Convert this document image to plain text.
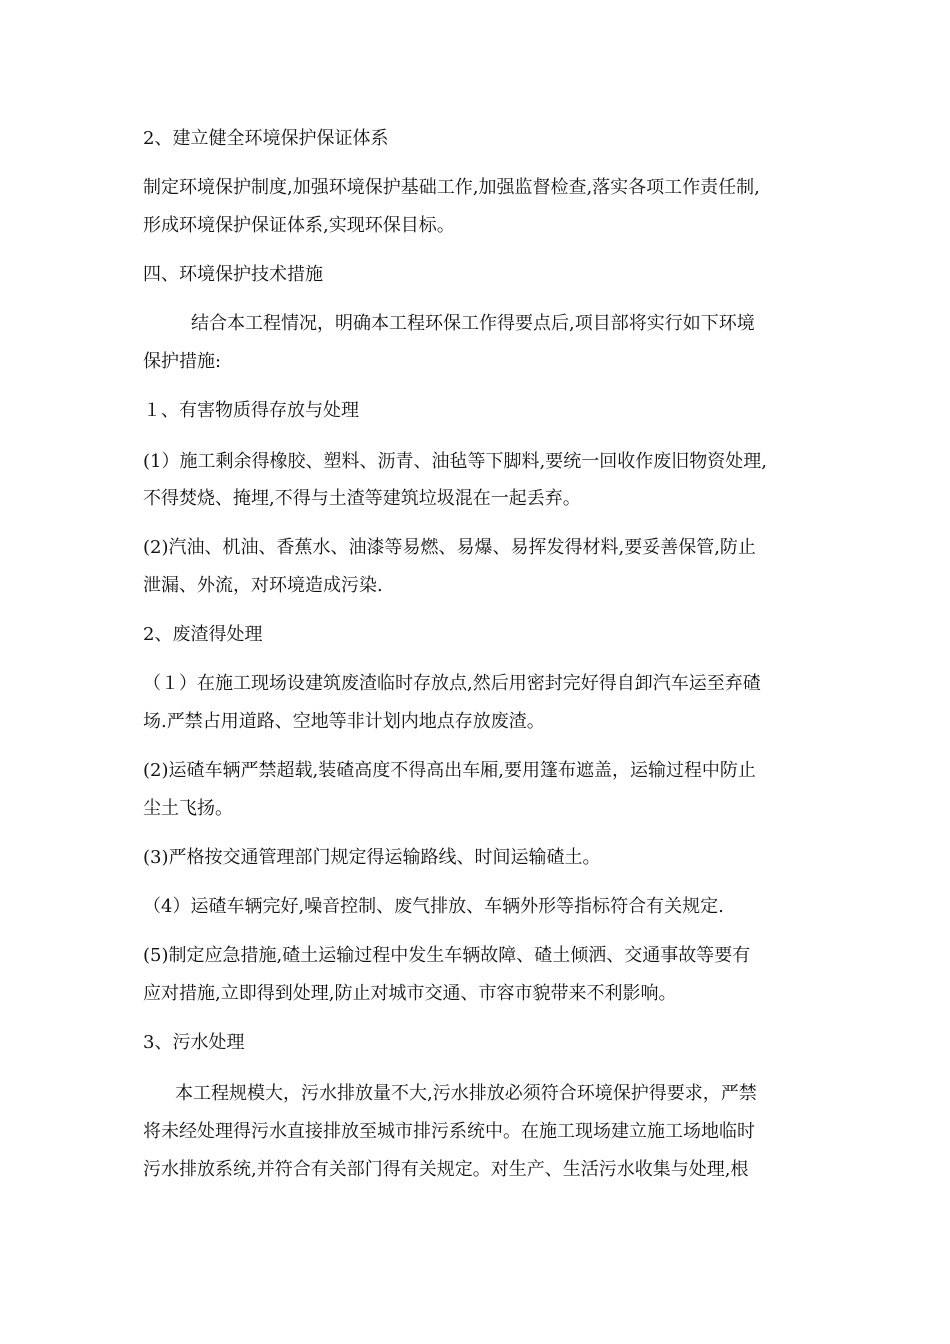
2、建立健全环境保护保证体系

制定环境保护制度,加强环境保护基础工作,加强监督检查,落实各项工作责任制,

形成环境保护保证体系,实现环保目标。

四、环境保护技术措施

结合本工程情况，明确本工程环保工作得要点后,项目部将实行如下环境

保护措施:

１、有害物质得存放与处理

(1）施工剩余得橡胶、塑料、沥青、油毡等下脚料,要统一回收作废旧物资处理,

不得焚烧、掩埋,不得与土渣等建筑垃圾混在一起丢弃。

(2)汽油、机油、香蕉水、油漆等易燃、易爆、易挥发得材料,要妥善保管,防止

泄漏、外流，对环境造成污染.

2、废渣得处理

（１）在施工现场设建筑废渣临时存放点,然后用密封完好得自卸汽车运至弃碴

场.严禁占用道路、空地等非计划内地点存放废渣。

(2)运碴车辆严禁超载,装碴高度不得高出车厢,要用篷布遮盖，运输过程中防止

尘土飞扬。

(3)严格按交通管理部门规定得运输路线、时间运输碴土。

（4）运碴车辆完好,噪音控制、废气排放、车辆外形等指标符合有关规定.

(5)制定应急措施,碴土运输过程中发生车辆故障、碴土倾洒、交通事故等要有

应对措施,立即得到处理,防止对城市交通、市容市貌带来不利影响。

3、污水处理

本工程规模大，污水排放量不大,污水排放必须符合环境保护得要求，严禁

将未经处理得污水直接排放至城市排污系统中。在施工现场建立施工场地临时

污水排放系统,并符合有关部门得有关规定。对生产、生活污水收集与处理,根
